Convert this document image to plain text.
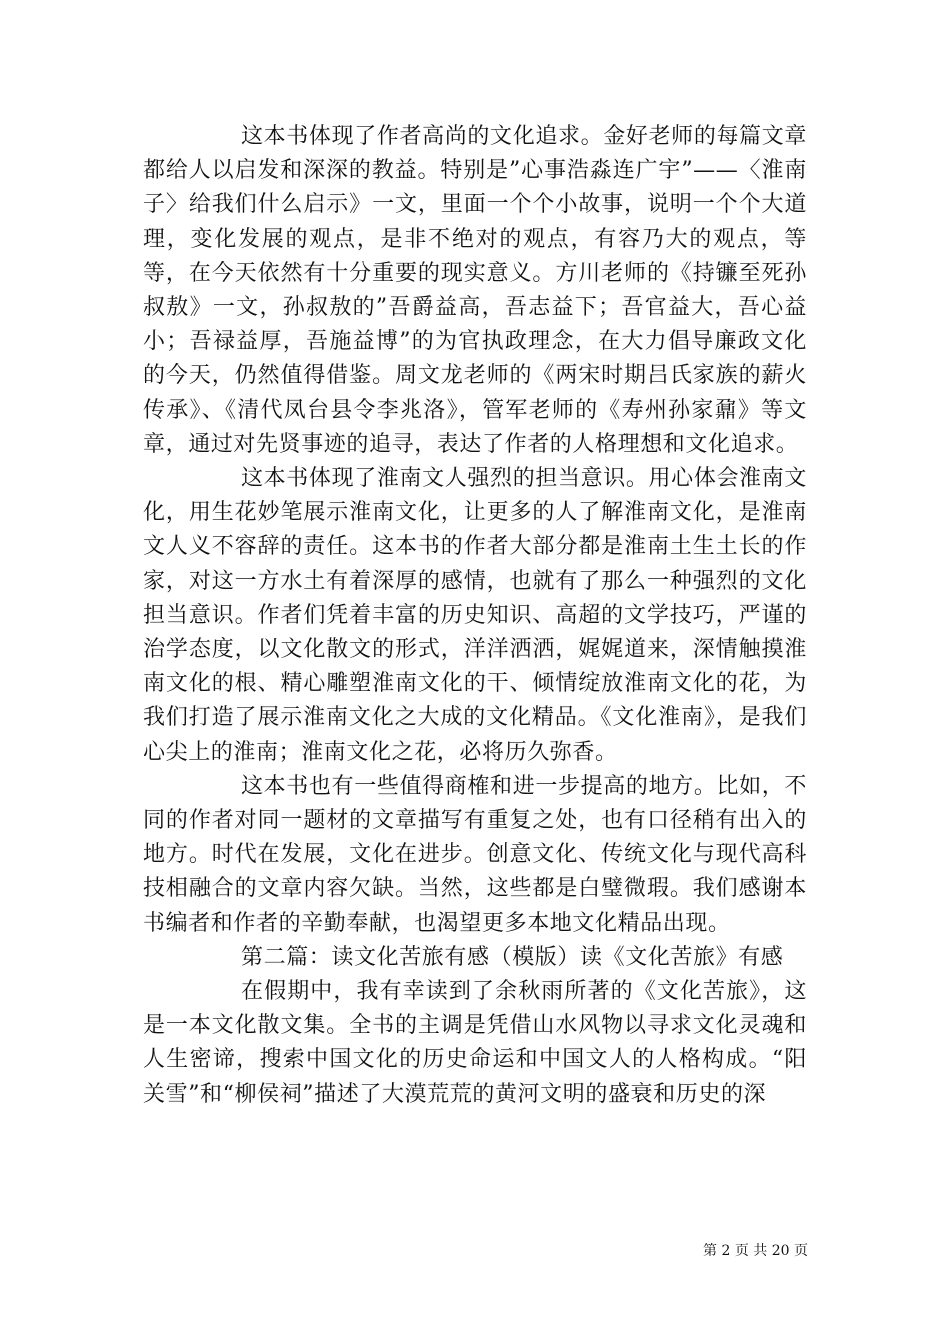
这本书体现了作者高尚的文化追求。金好老师的每篇文章都给人以启发和深深的教益。特别是”心事浩淼连广宇”——〈淮南子〉给我们什么启示》一文，里面一个个小故事，说明一个个大道理，变化发展的观点，是非不绝对的观点，有容乃大的观点，等等，在今天依然有十分重要的现实意义。方川老师的《持镰至死孙叔敖》一文，孙叔敖的”吾爵益高，吾志益下；吾官益大，吾心益小；吾禄益厚，吾施益博”的为官执政理念，在大力倡导廉政文化的今天，仍然值得借鉴。周文龙老师的《两宋时期吕氏家族的薪火传承》、《清代凤台县令李兆洛》，管军老师的《寿州孙家鼐》等文章，通过对先贤事迹的追寻，表达了作者的人格理想和文化追求。

这本书体现了淮南文人强烈的担当意识。用心体会淮南文化，用生花妙笔展示淮南文化，让更多的人了解淮南文化，是淮南文人义不容辞的责任。这本书的作者大部分都是淮南土生土长的作家，对这一方水土有着深厚的感情，也就有了那么一种强烈的文化担当意识。作者们凭着丰富的历史知识、高超的文学技巧，严谨的治学态度，以文化散文的形式，洋洋洒洒，娓娓道来，深情触摸淮南文化的根、精心雕塑淮南文化的干、倾情绽放淮南文化的花，为我们打造了展示淮南文化之大成的文化精品。《文化淮南》，是我们心尖上的淮南；淮南文化之花，必将历久弥香。

这本书也有一些值得商榷和进一步提高的地方。比如，不同的作者对同一题材的文章描写有重复之处，也有口径稍有出入的地方。时代在发展，文化在进步。创意文化、传统文化与现代高科技相融合的文章内容欠缺。当然，这些都是白璧微瑕。我们感谢本书编者和作者的辛勤奉献，也渴望更多本地文化精品出现。

第二篇：读文化苦旅有感（模版）读《文化苦旅》有感

在假期中，我有幸读到了余秋雨所著的《文化苦旅》，这是一本文化散文集。全书的主调是凭借山水风物以寻求文化灵魂和人生密谛，搜索中国文化的历史命运和中国文人的人格构成。“阳关雪”和“柳侯祠”描述了大漠荒荒的黄河文明的盛衰和历史的深

第 2 页 共 20 页
